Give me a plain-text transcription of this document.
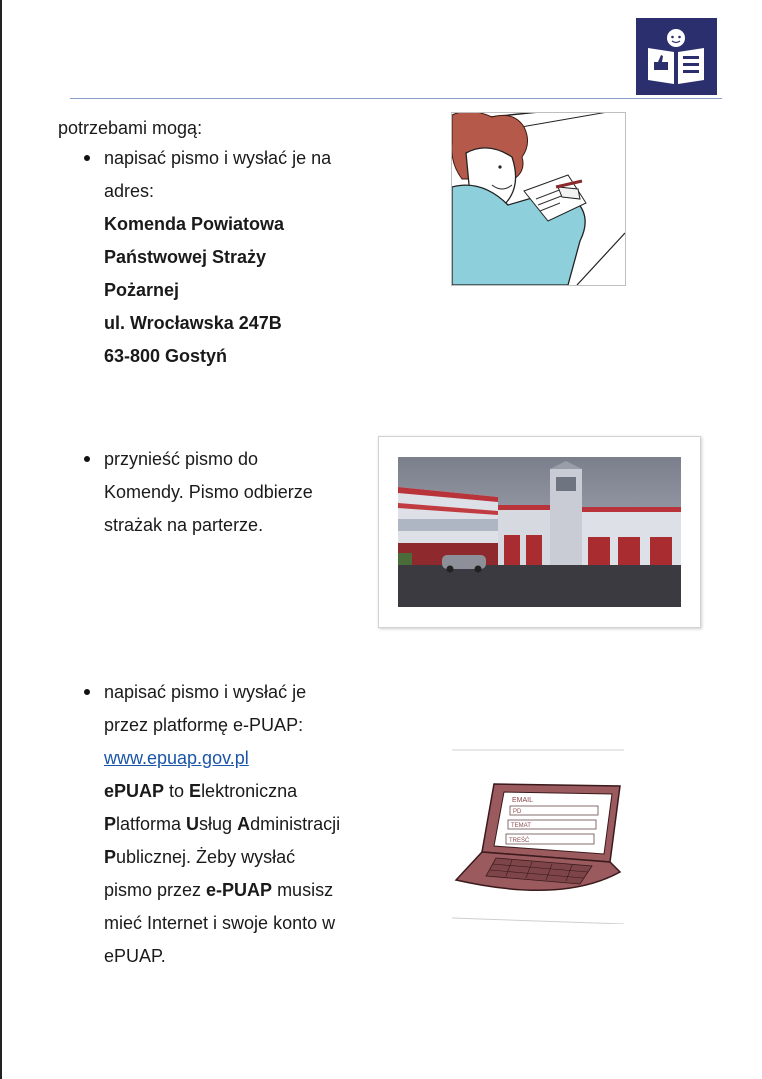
potrzebami mogą:
napisać pismo i wysłać je na
adres:
Komenda Powiatowa
Państwowej Straży
Pożarnej
ul. Wrocławska 247B
63-800 Gostyń
przynieść pismo do
Komendy. Pismo odbierze
strażak na parterze.
napisać pismo i wysłać je
przez platformę e-PUAP:
www.epuap.gov.pl
ePUAP to Elektroniczna
Platforma Usług Administracji
Publicznej. Żeby wysłać
pismo przez e-PUAP musisz
mieć Internet i swoje konto w
ePUAP.
EMAIL
PD
TEMAT
TREŚĆ
